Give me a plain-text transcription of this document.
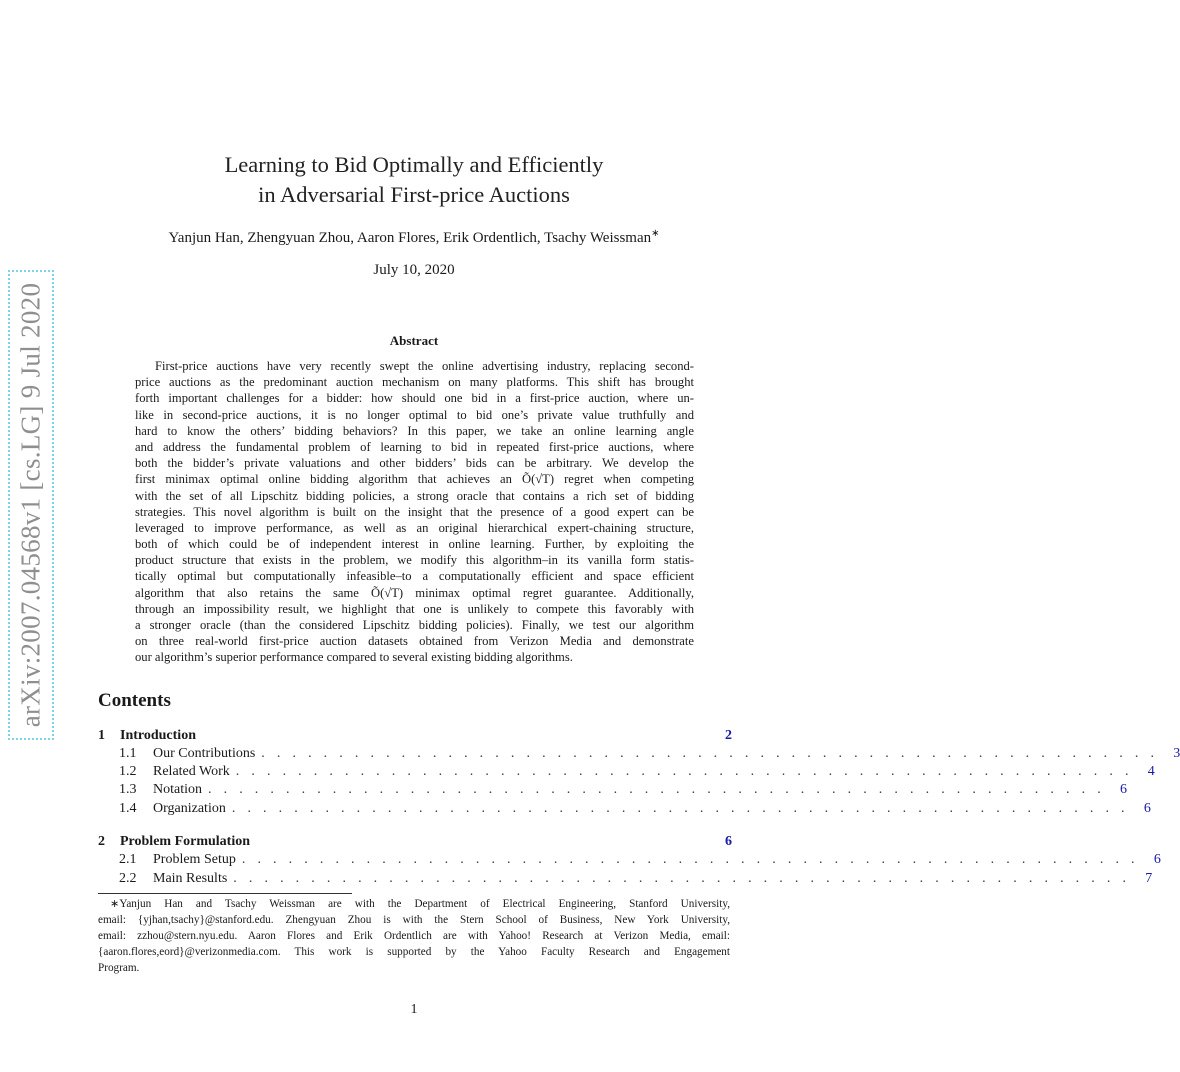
arXiv:2007.04568v1 [cs.LG] 9 Jul 2020
Learning to Bid Optimally and Efficiently
in Adversarial First-price Auctions
Yanjun Han, Zhengyuan Zhou, Aaron Flores, Erik Ordentlich, Tsachy Weissman∗
July 10, 2020
Abstract
First-price auctions have very recently swept the online advertising industry, replacing second-
price auctions as the predominant auction mechanism on many platforms. This shift has brought
forth important challenges for a bidder: how should one bid in a first-price auction, where un-
like in second-price auctions, it is no longer optimal to bid one’s private value truthfully and
hard to know the others’ bidding behaviors? In this paper, we take an online learning angle
and address the fundamental problem of learning to bid in repeated first-price auctions, where
both the bidder’s private valuations and other bidders’ bids can be arbitrary. We develop the
first minimax optimal online bidding algorithm that achieves an Õ(√T) regret when competing
with the set of all Lipschitz bidding policies, a strong oracle that contains a rich set of bidding
strategies. This novel algorithm is built on the insight that the presence of a good expert can be
leveraged to improve performance, as well as an original hierarchical expert-chaining structure,
both of which could be of independent interest in online learning. Further, by exploiting the
product structure that exists in the problem, we modify this algorithm–in its vanilla form statis-
tically optimal but computationally infeasible–to a computationally efficient and space efficient
algorithm that also retains the same Õ(√T) minimax optimal regret guarantee. Additionally,
through an impossibility result, we highlight that one is unlikely to compete this favorably with
a stronger oracle (than the considered Lipschitz bidding policies). Finally, we test our algorithm
on three real-world first-price auction datasets obtained from Verizon Media and demonstrate
our algorithm’s superior performance compared to several existing bidding algorithms.
Contents
1 Introduction	2
1.1	Our Contributions . . . . . . . . . . . . . . . . . . . . . . . . . . . . . . . . . . . . . . . . . . . . . . . . . . . . . . . . . .	3
1.2	Related Work . . . . . . . . . . . . . . . . . . . . . . . . . . . . . . . . . . . . . . . . . . . . . . . . . . . . . . . . . .	4
1.3	Notation . . . . . . . . . . . . . . . . . . . . . . . . . . . . . . . . . . . . . . . . . . . . . . . . . . . . . . . . . .	6
1.4	Organization . . . . . . . . . . . . . . . . . . . . . . . . . . . . . . . . . . . . . . . . . . . . . . . . . . . . . . . . . .	6
2 Problem Formulation	6
2.1	Problem Setup . . . . . . . . . . . . . . . . . . . . . . . . . . . . . . . . . . . . . . . . . . . . . . . . . . . . . . . . . .	6
2.2	Main Results . . . . . . . . . . . . . . . . . . . . . . . . . . . . . . . . . . . . . . . . . . . . . . . . . . . . . . . . . .	7
∗Yanjun Han and Tsachy Weissman are with the Department of Electrical Engineering, Stanford University,
email: {yjhan,tsachy}@stanford.edu. Zhengyuan Zhou is with the Stern School of Business, New York University,
email: zzhou@stern.nyu.edu. Aaron Flores and Erik Ordentlich are with Yahoo! Research at Verizon Media, email:
{aaron.flores,eord}@verizonmedia.com. This work is supported by the Yahoo Faculty Research and Engagement
Program.
1
